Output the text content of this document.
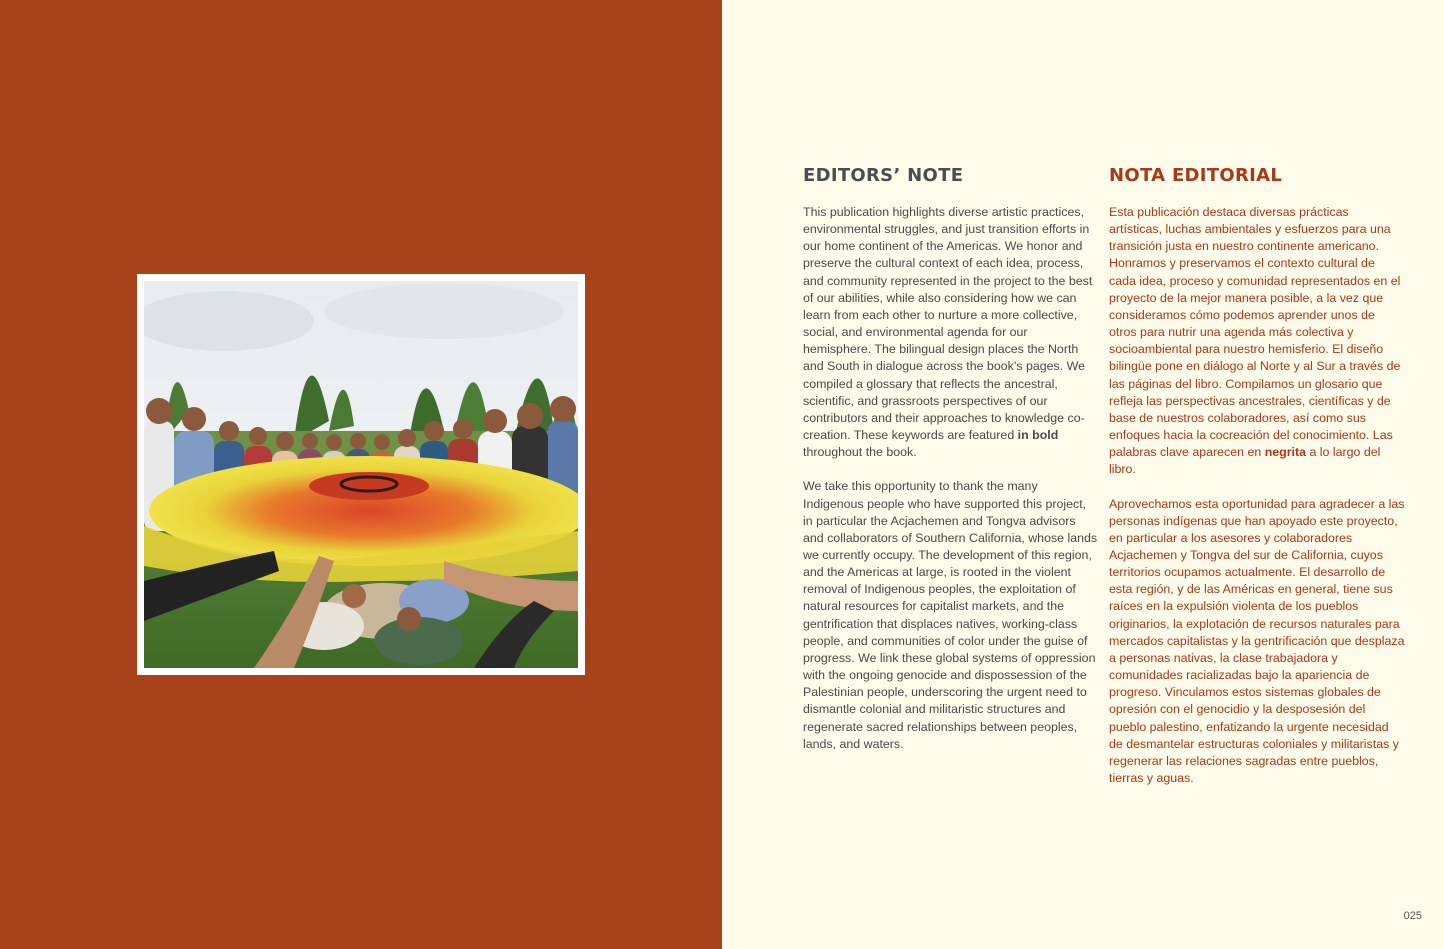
EDITORS’ NOTE

This publication highlights diverse artistic practices, environmental struggles, and just transition efforts in our home continent of the Americas. We honor and preserve the cultural context of each idea, process, and community represented in the project to the best of our abilities, while also considering how we can learn from each other to nurture a more collective, social, and environmental agenda for our hemisphere. The bilingual design places the North and South in dialogue across the book’s pages. We compiled a glossary that reflects the ancestral, scientific, and grassroots perspectives of our contributors and their approaches to knowledge co-creation. These keywords are featured in bold throughout the book.

We take this opportunity to thank the many Indigenous people who have supported this project, in particular the Acjachemen and Tongva advisors and collaborators of Southern California, whose lands we currently occupy. The development of this region, and the Americas at large, is rooted in the violent removal of Indigenous peoples, the exploitation of natural resources for capitalist markets, and the gentrification that displaces natives, working-class people, and communities of color under the guise of progress. We link these global systems of oppression with the ongoing genocide and dispossession of the Palestinian people, underscoring the urgent need to dismantle colonial and militaristic structures and regenerate sacred relationships between peoples, lands, and waters.

NOTA EDITORIAL

Esta publicación destaca diversas prácticas artísticas, luchas ambientales y esfuerzos para una transición justa en nuestro continente americano. Honramos y preservamos el contexto cultural de cada idea, proceso y comunidad representados en el proyecto de la mejor manera posible, a la vez que consideramos cómo podemos aprender unos de otros para nutrir una agenda más colectiva y socioambiental para nuestro hemisferio. El diseño bilingüe pone en diálogo al Norte y al Sur a través de las páginas del libro. Compilamos un glosario que refleja las perspectivas ancestrales, científicas y de base de nuestros colaboradores, así como sus enfoques hacia la cocreación del conocimiento. Las palabras clave aparecen en negrita a lo largo del libro.

Aprovechamos esta oportunidad para agradecer a las personas indígenas que han apoyado este proyecto, en particular a los asesores y colaboradores Acjachemen y Tongva del sur de California, cuyos territorios ocupamos actualmente. El desarrollo de esta región, y de las Américas en general, tiene sus raíces en la expulsión violenta de los pueblos originarios, la explotación de recursos naturales para mercados capitalistas y la gentrificación que desplaza a personas nativas, la clase trabajadora y comunidades racializadas bajo la apariencia de progreso. Vinculamos estos sistemas globales de opresión con el genocidio y la desposesión del pueblo palestino, enfatizando la urgente necesidad de desmantelar estructuras coloniales y militaristas y regenerar las relaciones sagradas entre pueblos, tierras y aguas.

025
